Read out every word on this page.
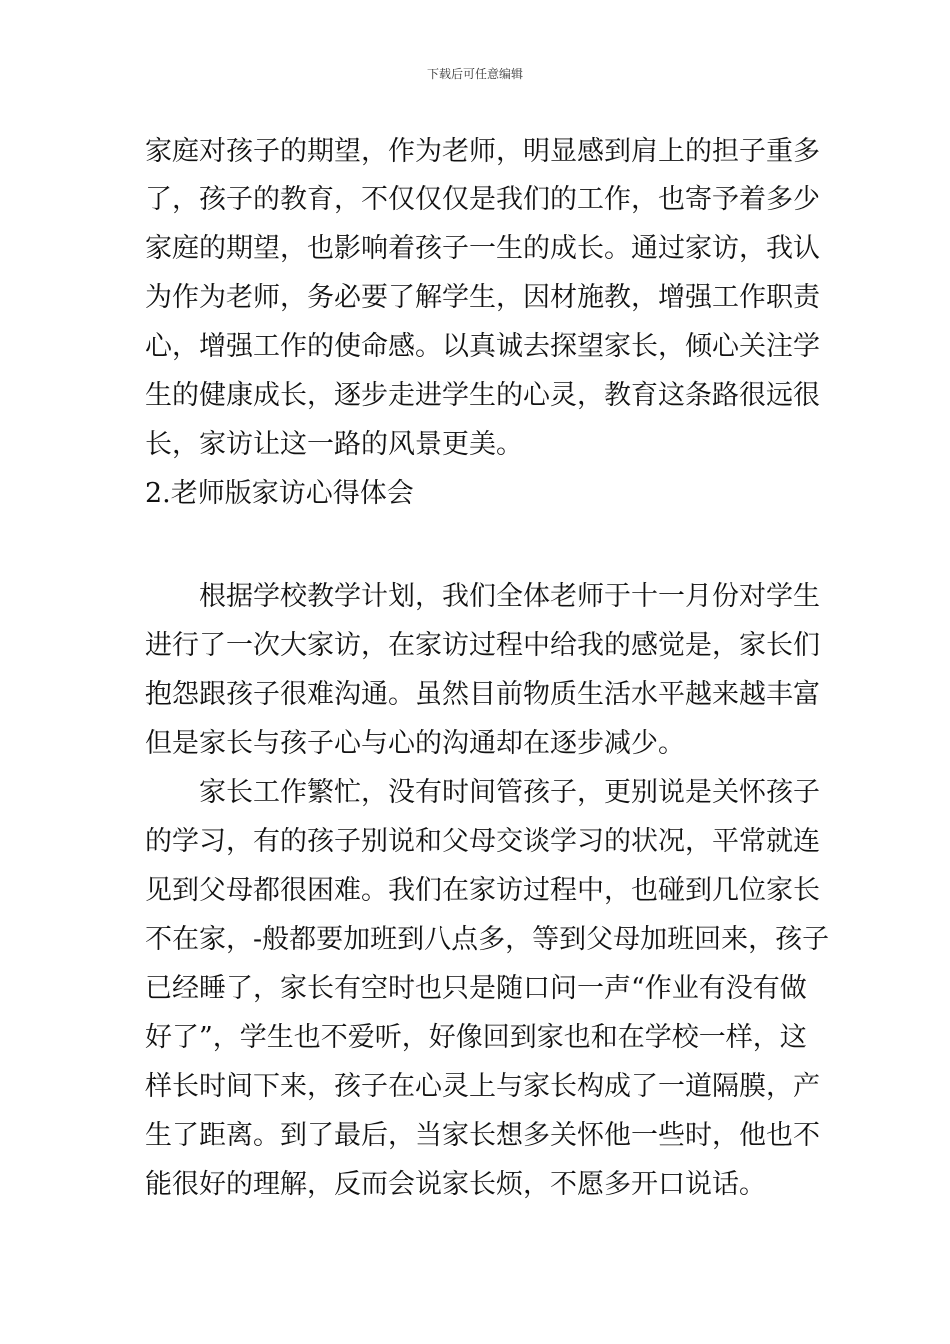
下载后可任意编辑
家庭对孩子的期望，作为老师，明显感到肩上的担子重多
了，孩子的教育，不仅仅仅是我们的工作，也寄予着多少
家庭的期望，也影响着孩子一生的成长。通过家访，我认
为作为老师，务必要了解学生，因材施教，增强工作职责
心，增强工作的使命感。以真诚去探望家长，倾心关注学
生的健康成长，逐步走进学生的心灵，教育这条路很远很
长，家访让这一路的风景更美。
2.老师版家访心得体会
根据学校教学计划，我们全体老师于十一月份对学生
进行了一次大家访，在家访过程中给我的感觉是，家长们
抱怨跟孩子很难沟通。虽然目前物质生活水平越来越丰富
但是家长与孩子心与心的沟通却在逐步减少。
家长工作繁忙，没有时间管孩子，更别说是关怀孩子
的学习，有的孩子别说和父母交谈学习的状况，平常就连
见到父母都很困难。我们在家访过程中，也碰到几位家长
不在家，-般都要加班到八点多，等到父母加班回来，孩子
已经睡了，家长有空时也只是随口问一声“作业有没有做
好了”，学生也不爱听，好像回到家也和在学校一样，这
样长时间下来，孩子在心灵上与家长构成了一道隔膜，产
生了距离。到了最后，当家长想多关怀他一些时，他也不
能很好的理解，反而会说家长烦，不愿多开口说话。
